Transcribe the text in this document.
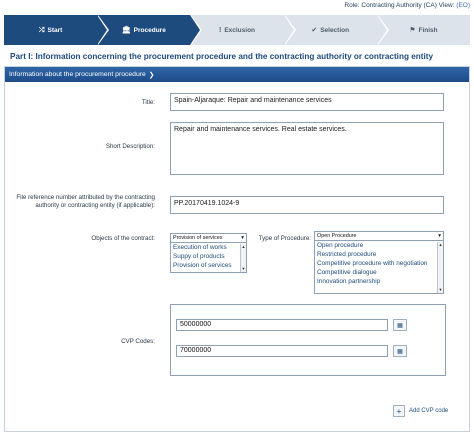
Role: Contracting Authority (CA) View: (EO)
⤮ Start	🏛 Procedure	! Exclusion	✔ Selection	⚑ Finish
Part I: Information concerning the procurement procedure and the contracting authority or contracting entity
Information about the procurement procedure ❯
Title:	Spain-Aljaraque: Repair and maintenance services
Short Description:
Repair and maintenance services. Real estate services.
File reference number attributed by the contracting
authority or contracting entity (if applicable):	PP.20170419.1024-9
Objects of the contract:	Provision of services	▾
Execution of works
Suppy of products
Provision of services
▲
▼
Type of Procedure: Open Procedure	▾
Open procedure
Restricted procedure
Competitive procedure with negotiation
Competitive dialogue
Innovation partnership
▲
▼
CVP Codes:
50000000	▦
70000000	▦
+	Add CVP code
